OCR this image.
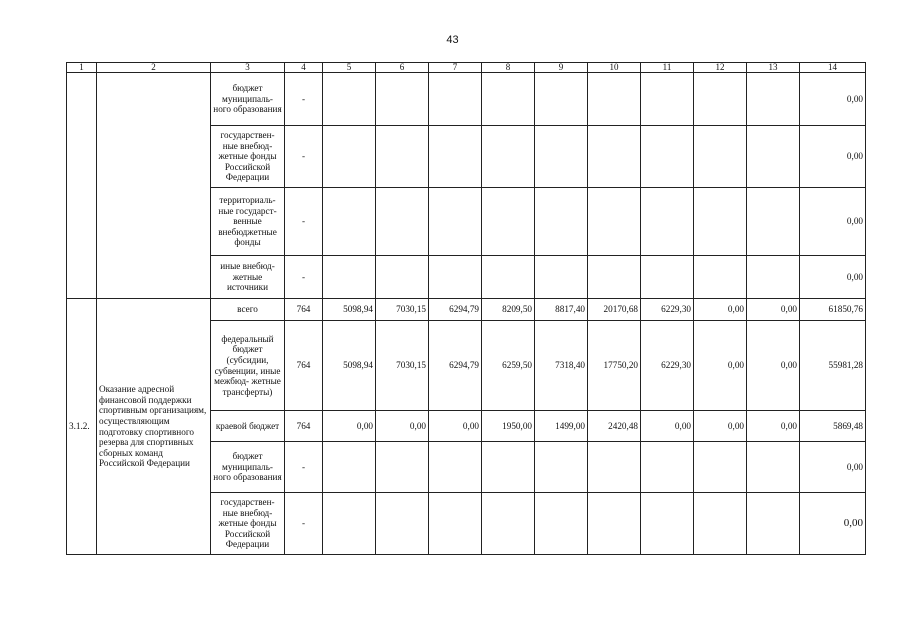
43
1	2	3	4	5	6	7	8	9	10	11	12	13	14
		бюджет муниципаль- ного образования	-										0,00
		государствен- ные внебюд- жетные фонды Российской Федерации	-										0,00
		территориаль- ные государст- венные внебюджетные фонды	-										0,00
		иные внебюд- жетные источники	-										0,00
3.1.2.	Оказание адресной финансовой поддержки спортивным организациям, осуществляющим подготовку спортивного резерва для спортивных сборных команд Российской Федерации	всего	764	5098,94	7030,15	6294,79	8209,50	8817,40	20170,68	6229,30	0,00	0,00	61850,76
		федеральный бюджет (субсидии, субвенции, иные межбюд- жетные трансферты)	764	5098,94	7030,15	6294,79	6259,50	7318,40	17750,20	6229,30	0,00	0,00	55981,28
		краевой бюджет	764	0,00	0,00	0,00	1950,00	1499,00	2420,48	0,00	0,00	0,00	5869,48
		бюджет муниципаль- ного образования	-										0,00
		государствен- ные внебюд- жетные фонды Российской Федерации	-										0,00
